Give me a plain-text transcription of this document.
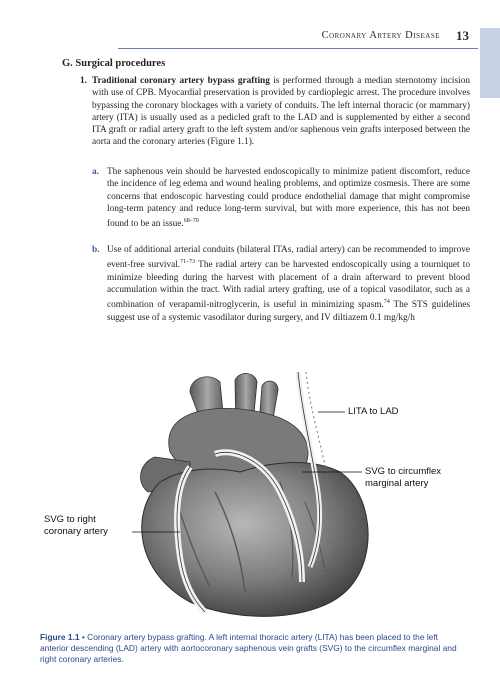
Coronary Artery Disease 13
G. Surgical procedures
1. Traditional coronary artery bypass grafting is performed through a median sternotomy incision with use of CPB. Myocardial preservation is provided by cardioplegic arrest. The procedure involves bypassing the coronary blockages with a variety of conduits. The left internal thoracic (or mammary) artery (ITA) is usually used as a pedicled graft to the LAD and is supplemented by either a second ITA graft or radial artery graft to the left system and/or saphenous vein grafts interposed between the aorta and the coronary arteries (Figure 1.1).
a. The saphenous vein should be harvested endoscopically to minimize patient discomfort, reduce the incidence of leg edema and wound healing problems, and optimize cosmesis. There are some concerns that endoscopic harvesting could produce endothelial damage that might compromise long-term patency and reduce long-term survival, but with more experience, this has not been found to be an issue.$^{68-70}$
b. Use of additional arterial conduits (bilateral ITAs, radial artery) can be recommended to improve event-free survival.$^{71-73}$ The radial artery can be harvested endoscopically using a tourniquet to minimize bleeding during the harvest with placement of a drain afterward to prevent blood accumulation within the tract. With radial artery grafting, use of a topical vasodilator, such as a combination of verapamil-nitroglycerin, is useful in minimizing spasm.$^{74}$ The STS guidelines suggest use of a systemic vasodilator during surgery, and IV diltiazem 0.1 mg/kg/h
LITA to LAD
SVG to circumflex marginal artery
SVG to right coronary artery
Figure 1.1 • Coronary artery bypass grafting. A left internal thoracic artery (LITA) has been placed to the left anterior descending (LAD) artery with aortocoronary saphenous vein grafts (SVG) to the circumflex marginal and right coronary arteries.
